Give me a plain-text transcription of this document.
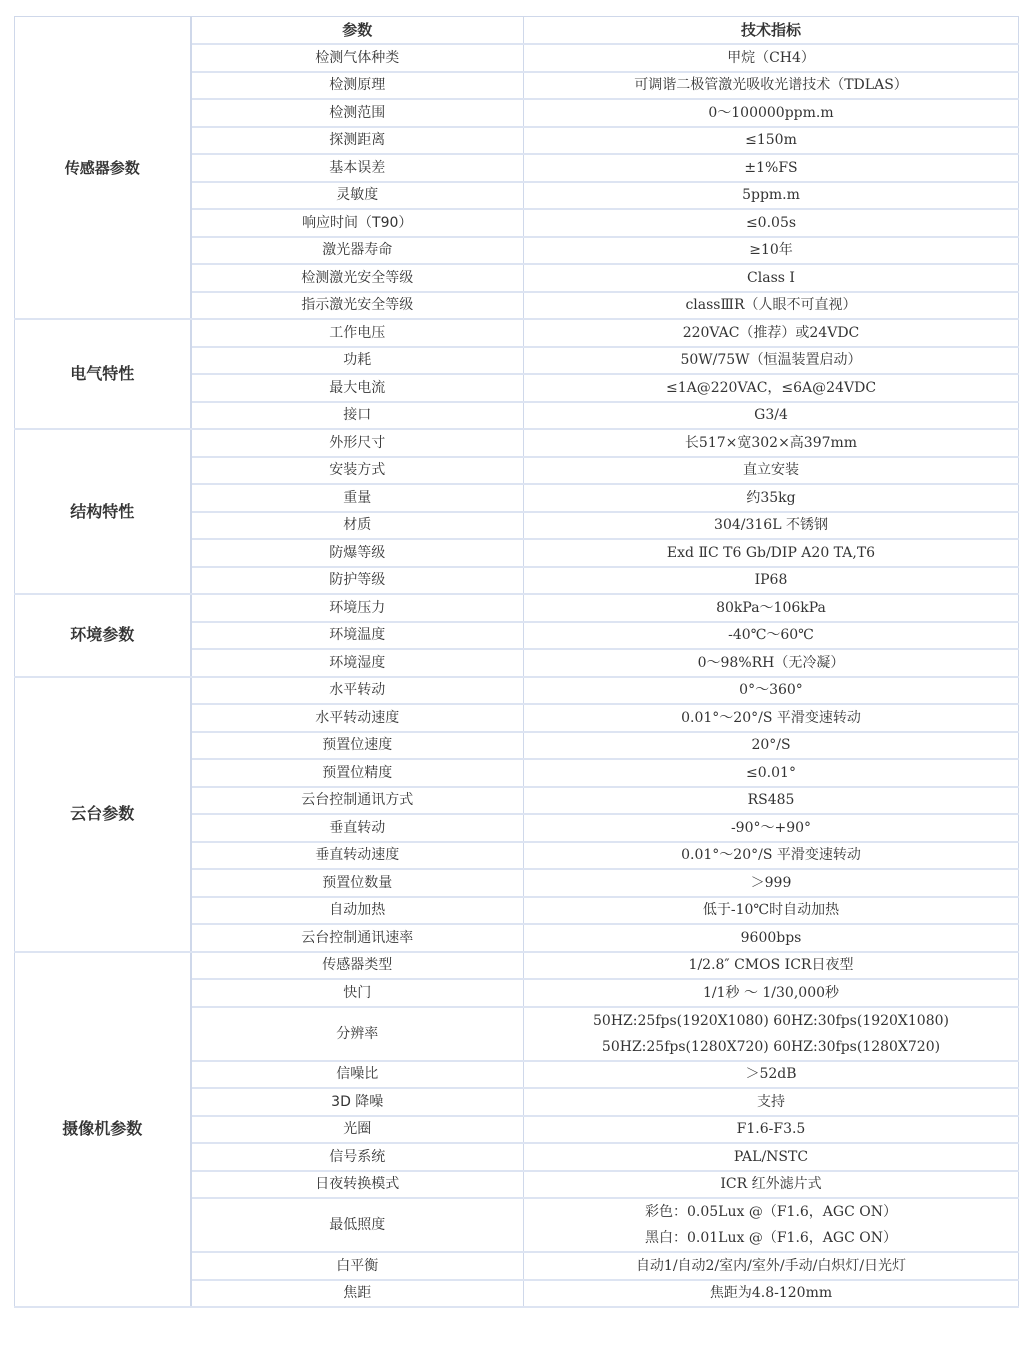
传感器参数	参数	技术指标
	检测气体种类	甲烷（CH4）
	检测原理	可调谐二极管激光吸收光谱技术（TDLAS）
	检测范围	0～100000ppm.m
	探测距离	≤150m
	基本误差	±1%FS
	灵敏度	5ppm.m
	响应时间（T90）	≤0.05s
	激光器寿命	≥10年
	检测激光安全等级	Class I
	指示激光安全等级	classⅢR（人眼不可直视）
电气特性	工作电压	220VAC（推荐）或24VDC
	功耗	50W/75W（恒温装置启动）
	最大电流	≤1A@220VAC，≤6A@24VDC
	接口	G3/4
结构特性	外形尺寸	长517×宽302×高397mm
	安装方式	直立安装
	重量	约35kg
	材质	304/316L 不锈钢
	防爆等级	Exd ⅡC T6 Gb/DIP A20 TA,T6
	防护等级	IP68
环境参数	环境压力	80kPa～106kPa
	环境温度	-40℃～60℃
	环境湿度	0～98%RH（无冷凝）
云台参数	水平转动	0°～360°
	水平转动速度	0.01°～20°/S 平滑变速转动
	预置位速度	20°/S
	预置位精度	≤0.01°
	云台控制通讯方式	RS485
	垂直转动	-90°～+90°
	垂直转动速度	0.01°～20°/S 平滑变速转动
	预置位数量	＞999
	自动加热	低于-10℃时自动加热
	云台控制通讯速率	9600bps
摄像机参数	传感器类型	1/2.8″ CMOS ICR日夜型
	快门	1/1秒 ～ 1/30,000秒
	分辨率	50HZ:25fps(1920X1080) 60HZ:30fps(1920X1080)
50HZ:25fps(1280X720) 60HZ:30fps(1280X720)

	信噪比	＞52dB
	3D 降噪	支持
	光圈	F1.6-F3.5
	信号系统	PAL/NSTC
	日夜转换模式	ICR 红外滤片式
	最低照度	彩色：0.05Lux @（F1.6，AGC ON）
黑白：0.01Lux @（F1.6，AGC ON）

	白平衡	自动1/自动2/室内/室外/手动/白炽灯/日光灯
	焦距	焦距为4.8-120mm
